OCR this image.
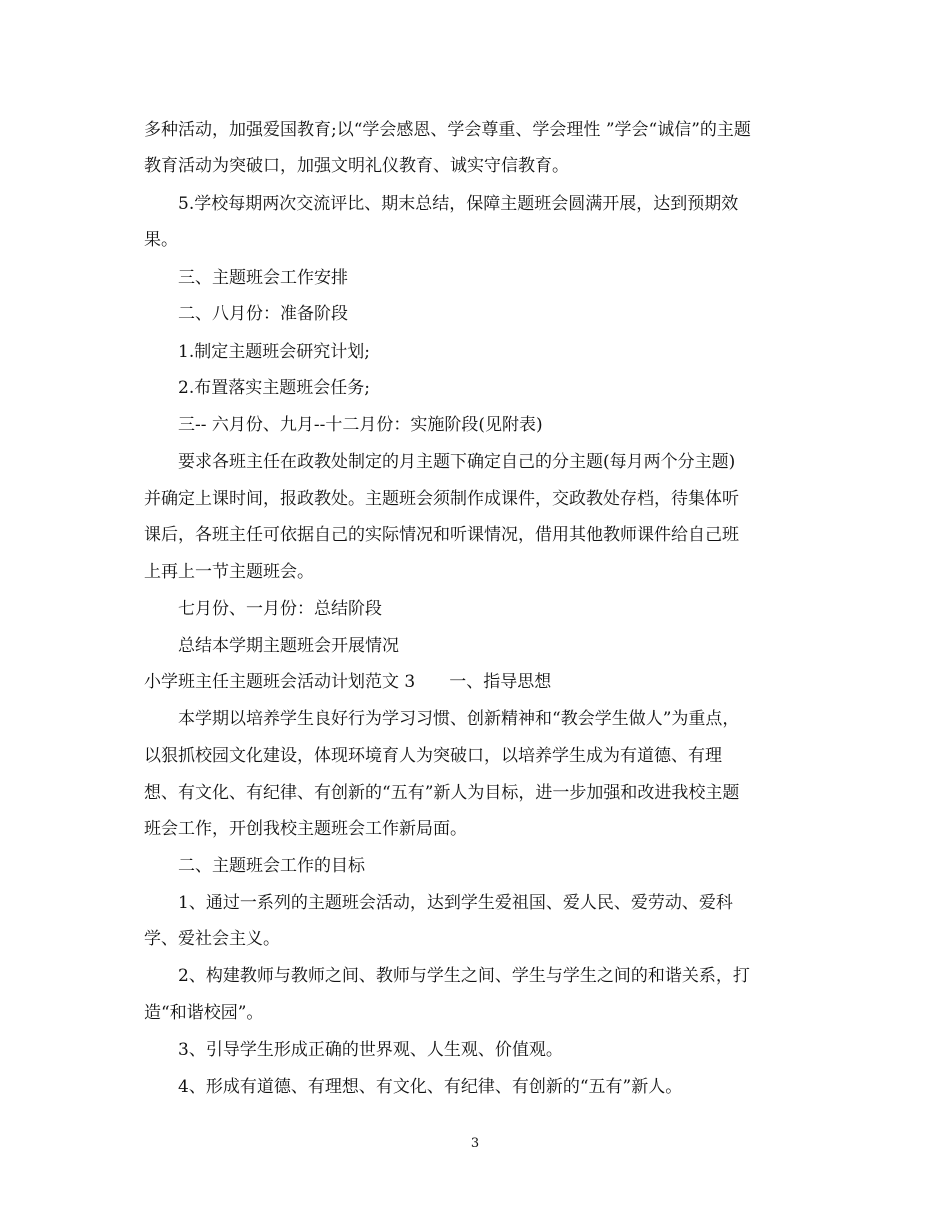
多种活动，加强爱国教育;以“学会感恩、学会尊重、学会理性 ”学会“诚信”的主题
教育活动为突破口，加强文明礼仪教育、诚实守信教育。
5.学校每期两次交流评比、期末总结，保障主题班会圆满开展，达到预期效
果。
三、主题班会工作安排
二、八月份：准备阶段
1.制定主题班会研究计划;
2.布置落实主题班会任务;
三-- 六月份、九月--十二月份：实施阶段(见附表)
要求各班主任在政教处制定的月主题下确定自己的分主题(每月两个分主题)
并确定上课时间，报政教处。主题班会须制作成课件，交政教处存档，待集体听
课后，各班主任可依据自己的实际情况和听课情况，借用其他教师课件给自己班
上再上一节主题班会。
七月份、一月份：总结阶段
总结本学期主题班会开展情况
小学班主任主题班会活动计划范文 3　　一、指导思想
本学期以培养学生良好行为学习习惯、创新精神和“教会学生做人”为重点，
以狠抓校园文化建设，体现环境育人为突破口，以培养学生成为有道德、有理
想、有文化、有纪律、有创新的“五有”新人为目标，进一步加强和改进我校主题
班会工作，开创我校主题班会工作新局面。
二、主题班会工作的目标
1、通过一系列的主题班会活动，达到学生爱祖国、爱人民、爱劳动、爱科
学、爱社会主义。
2、构建教师与教师之间、教师与学生之间、学生与学生之间的和谐关系，打
造“和谐校园”。
3、引导学生形成正确的世界观、人生观、价值观。
4、形成有道德、有理想、有文化、有纪律、有创新的“五有”新人。
3
